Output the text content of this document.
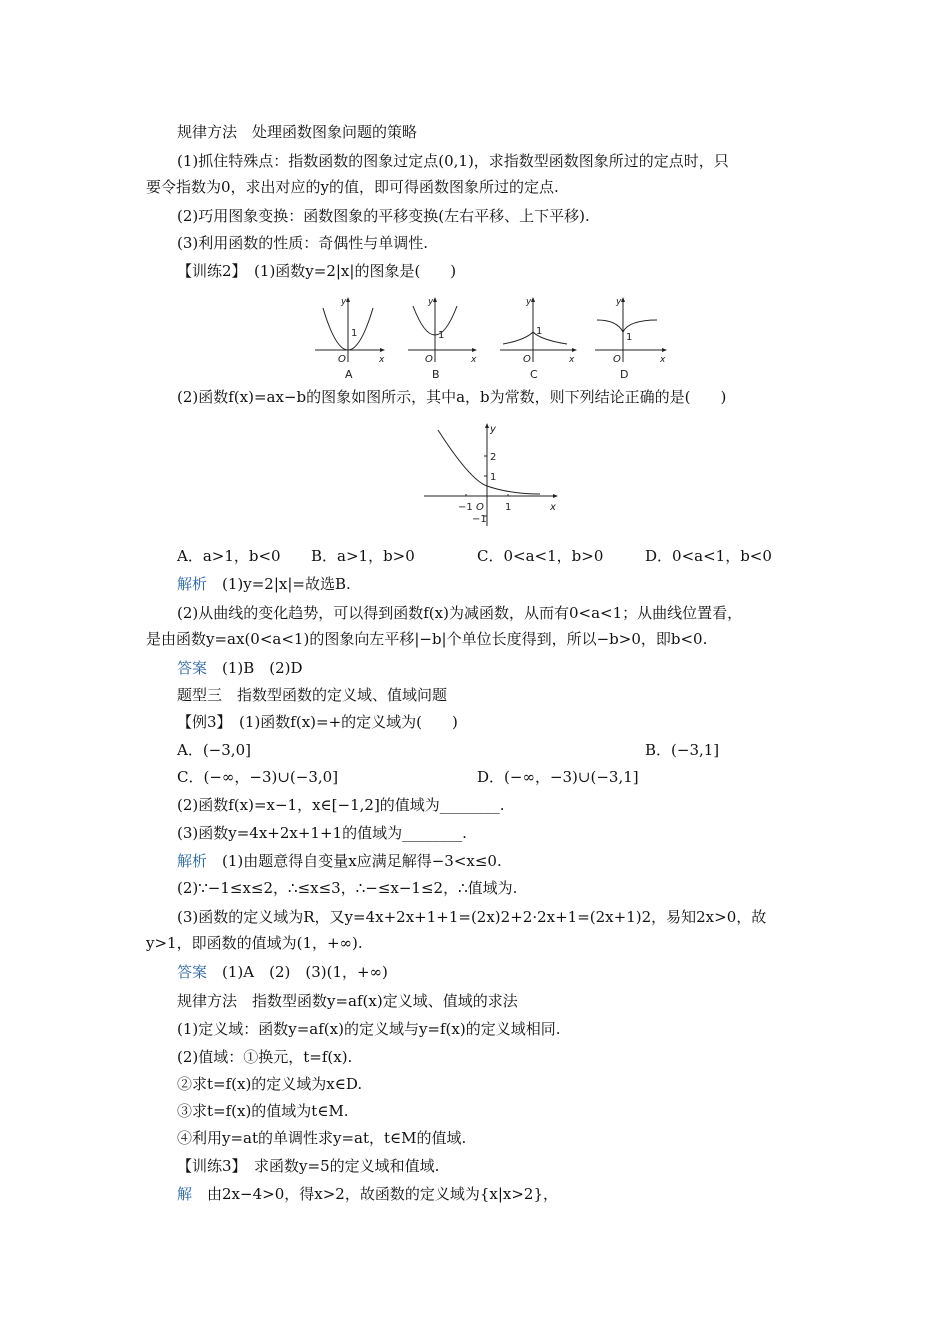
规律方法　处理函数图象问题的策略
(1)抓住特殊点：指数函数的图象过定点(0,1)，求指数型函数图象所过的定点时，只
要令指数为0，求出对应的y的值，即可得函数图象所过的定点.
(2)巧用图象变换：函数图象的平移变换(左右平移、上下平移).
(3)利用函数的性质：奇偶性与单调性.
【训练2】　(1)函数y=2|x|的图象是(　　)
y
x
y
x
y
x
y
x
O
1
O
1
O
1
O
1
A	B	C	D
(2)函数f(x)=ax−b的图象如图所示，其中a，b为常数，则下列结论正确的是(　　)
y
x
2
1
−1 O 1
−1
A．a>1，b<0 B．a>1，b>0	C．0<a<1，b>0	D．0<a<1，b<0
解析　(1)y=2|x|=故选B.
(2)从曲线的变化趋势，可以得到函数f(x)为减函数，从而有0<a<1；从曲线位置看，
是由函数y=ax(0<a<1)的图象向左平移|−b|个单位长度得到，所以−b>0，即b<0.
答案　(1)B　(2)D
题型三　指数型函数的定义域、值域问题
【例3】　(1)函数f(x)=+的定义域为(　　)
A．(−3,0]	B．(−3,1]
C．(−∞，−3)∪(−3,0]	D．(−∞，−3)∪(−3,1]
(2)函数f(x)=x−1，x∈[−1,2]的值域为________.
(3)函数y=4x+2x+1+1的值域为________.
解析　(1)由题意得自变量x应满足解得−3<x≤0.
(2)∵−1≤x≤2，∴≤x≤3，∴−≤x−1≤2，∴值域为.
(3)函数的定义域为R，又y=4x+2x+1+1=(2x)2+2·2x+1=(2x+1)2，易知2x>0，故
y>1，即函数的值域为(1，+∞).
答案　(1)A　(2)　(3)(1，+∞)
规律方法　指数型函数y=af(x)定义域、值域的求法
(1)定义域：函数y=af(x)的定义域与y=f(x)的定义域相同.
(2)值域：①换元，t=f(x).
②求t=f(x)的定义域为x∈D.
③求t=f(x)的值域为t∈M.
④利用y=at的单调性求y=at，t∈M的值域.
【训练3】　求函数y=5的定义域和值域.
解　由2x−4>0，得x>2，故函数的定义域为{x|x>2}，
